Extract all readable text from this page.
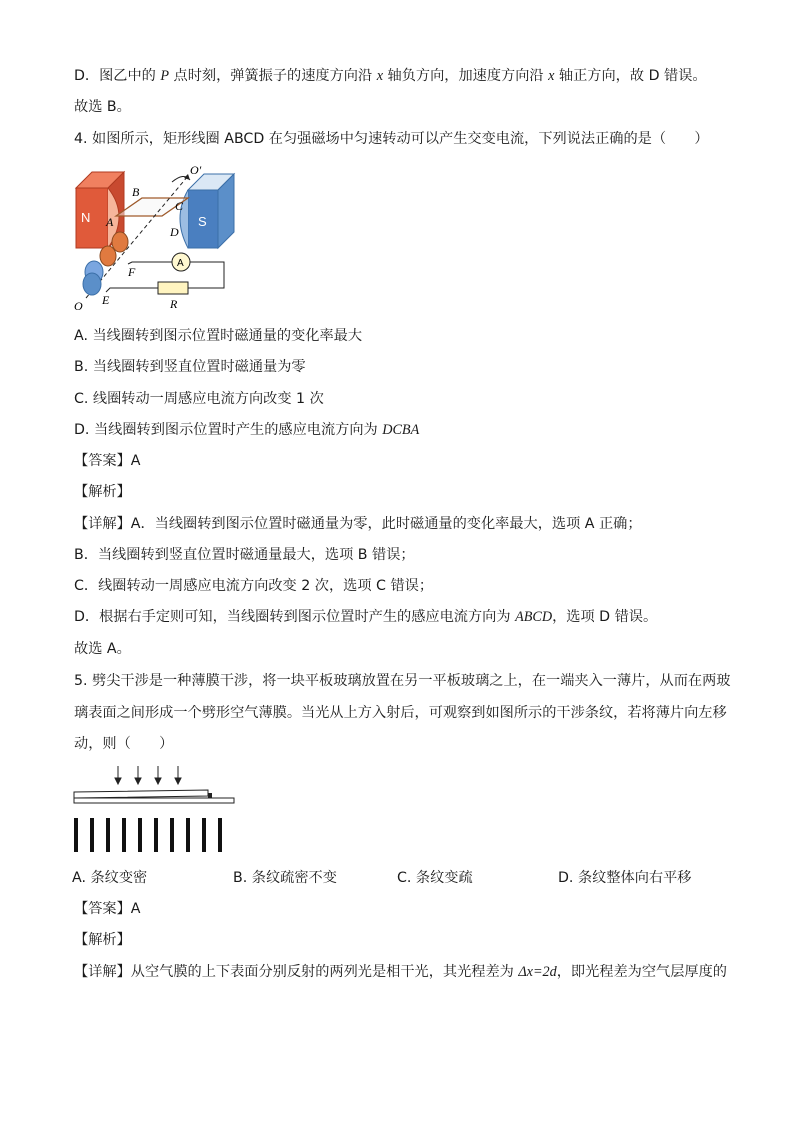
D．图乙中的 P 点时刻，弹簧振子的速度方向沿 x 轴负方向，加速度方向沿 x 轴正方向，故 D 错误。
故选 B。
4. 如图所示，矩形线圈 ABCD 在匀强磁场中匀速转动可以产生交变电流，下列说法正确的是（　　）
N	S
A
B
C
D
O′
O E
F
R
A
A. 当线圈转到图示位置时磁通量的变化率最大
B. 当线圈转到竖直位置时磁通量为零
C. 线圈转动一周感应电流方向改变 1 次
D. 当线圈转到图示位置时产生的感应电流方向为 DCBA
【答案】A
【解析】
【详解】A．当线圈转到图示位置时磁通量为零，此时磁通量的变化率最大，选项 A 正确；
B．当线圈转到竖直位置时磁通量最大，选项 B 错误；
C．线圈转动一周感应电流方向改变 2 次，选项 C 错误；
D．根据右手定则可知，当线圈转到图示位置时产生的感应电流方向为 ABCD，选项 D 错误。
故选 A。
5. 劈尖干涉是一种薄膜干涉，将一块平板玻璃放置在另一平板玻璃之上，在一端夹入一薄片，从而在两玻
璃表面之间形成一个劈形空气薄膜。当光从上方入射后，可观察到如图所示的干涉条纹，若将薄片向左移
动，则（　　）
A. 条纹变密	B. 条纹疏密不变	C. 条纹变疏	D. 条纹整体向右平移
【答案】A
【解析】
【详解】从空气膜的上下表面分别反射的两列光是相干光，其光程差为 Δx=2d，即光程差为空气层厚度的
